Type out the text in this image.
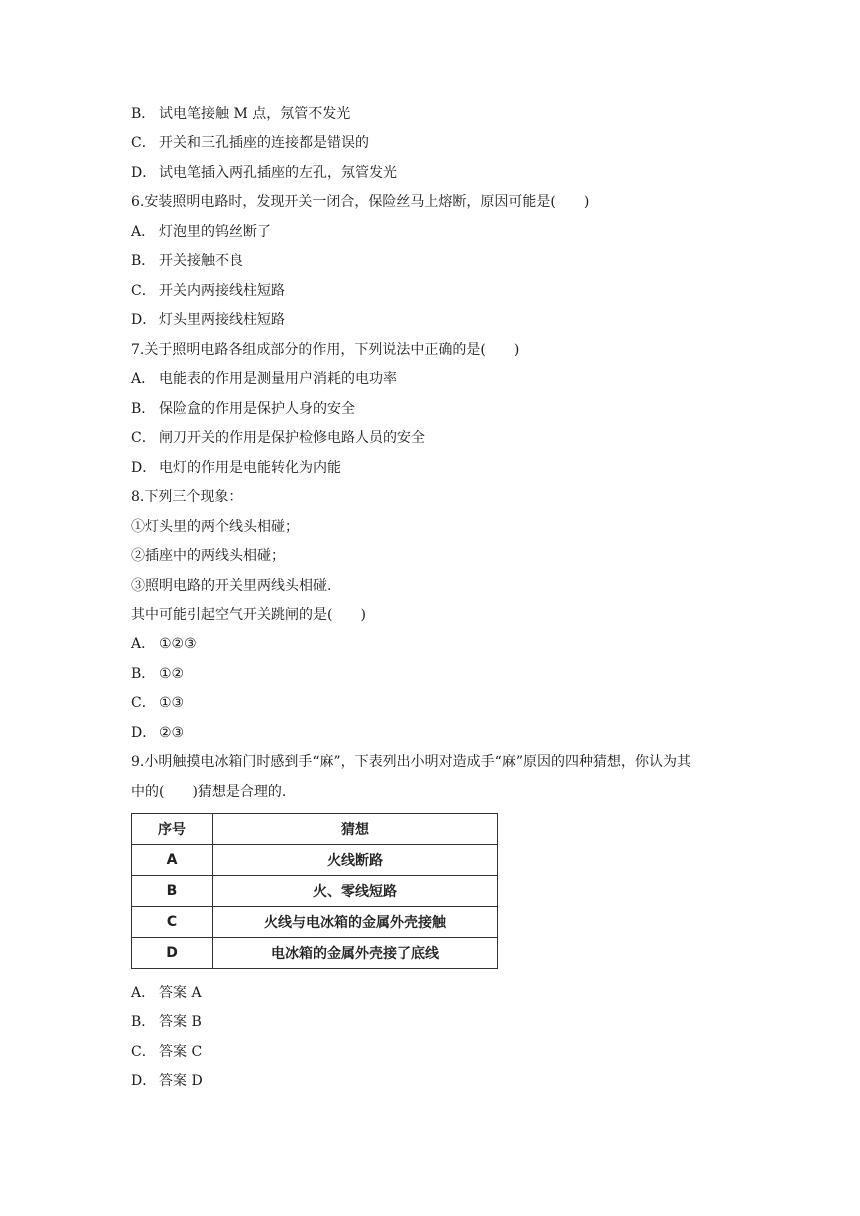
B． 试电笔接触 M 点，氖管不发光
C． 开关和三孔插座的连接都是错误的
D． 试电笔插入两孔插座的左孔，氖管发光
6.安装照明电路时，发现开关一闭合，保险丝马上熔断，原因可能是(　　)
A． 灯泡里的钨丝断了
B． 开关接触不良
C． 开关内两接线柱短路
D． 灯头里两接线柱短路
7.关于照明电路各组成部分的作用，下列说法中正确的是(　　)
A． 电能表的作用是测量用户消耗的电功率
B． 保险盒的作用是保护人身的安全
C． 闸刀开关的作用是保护检修电路人员的安全
D． 电灯的作用是电能转化为内能
8.下列三个现象：
①灯头里的两个线头相碰；
②插座中的两线头相碰；
③照明电路的开关里两线头相碰.
其中可能引起空气开关跳闸的是(　　)
A． ①②③
B． ①②
C． ①③
D． ②③
9.小明触摸电冰箱门时感到手“麻”，下表列出小明对造成手“麻”原因的四种猜想，你认为其
中的(　　)猜想是合理的.
序号	猜想
A	火线断路
B	火、零线短路
C	火线与电冰箱的金属外壳接触
D	电冰箱的金属外壳接了底线
A． 答案 A
B． 答案 B
C． 答案 C
D． 答案 D
